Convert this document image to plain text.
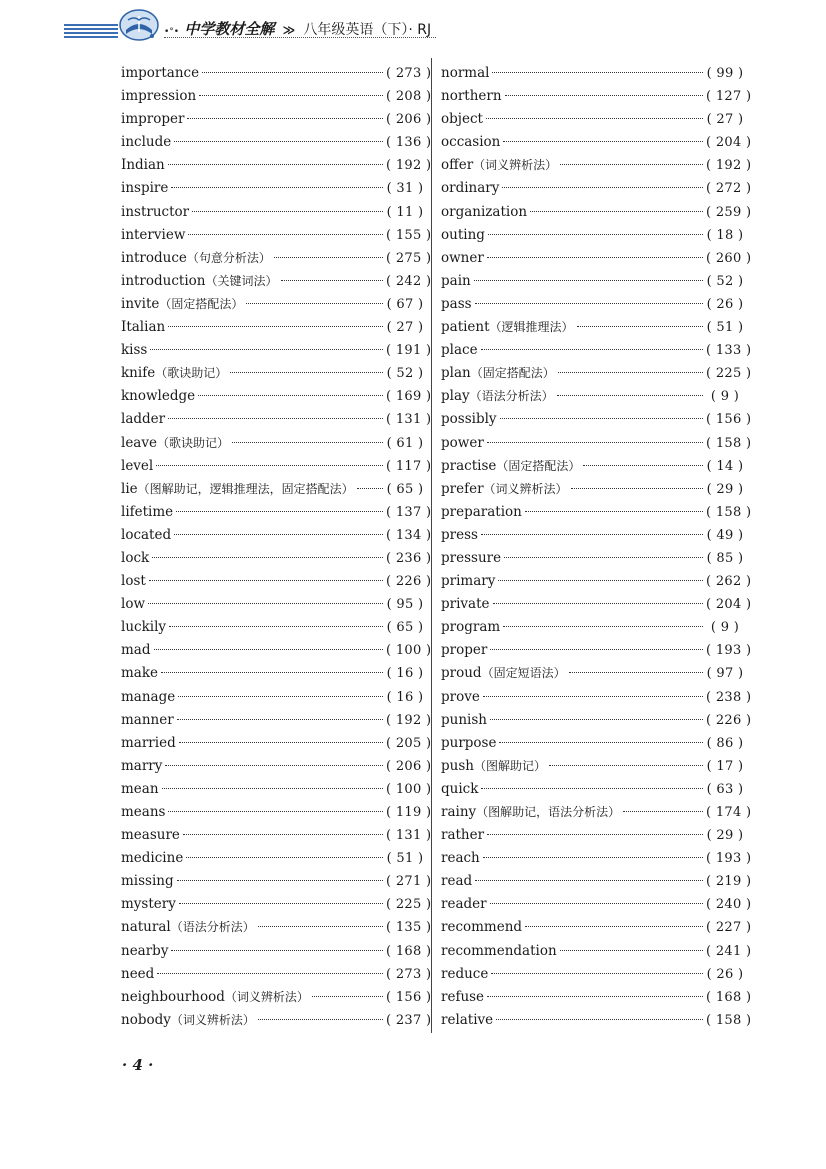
•°• 中学教材全解 ≫ 八年级英语（下）· RJ
importance	( 273 )
impression	( 208 )
improper	( 206 )
include	( 136 )
Indian	( 192 )
inspire	( 31 )
instructor	( 11 )
interview	( 155 )
introduce （句意分析法）	( 275 )
introduction （关键词法）	( 242 )
invite （固定搭配法）	( 67 )
Italian	( 27 )
kiss	( 191 )
knife （歌诀助记）	( 52 )
knowledge	( 169 )
ladder	( 131 )
leave （歌诀助记）	( 61 )
level	( 117 )
lie （图解助记，逻辑推理法，固定搭配法）	( 65 )
lifetime	( 137 )
located	( 134 )
lock	( 236 )
lost	( 226 )
low	( 95 )
luckily	( 65 )
mad	( 100 )
make	( 16 )
manage	( 16 )
manner	( 192 )
married	( 205 )
marry	( 206 )
mean	( 100 )
means	( 119 )
measure	( 131 )
medicine	( 51 )
missing	( 271 )
mystery	( 225 )
natural （语法分析法）	( 135 )
nearby	( 168 )
need	( 273 )
neighbourhood （词义辨析法）	( 156 )
nobody （词义辨析法）	( 237 )
normal	( 99 )
northern	( 127 )
object	( 27 )
occasion	( 204 )
offer （词义辨析法）	( 192 )
ordinary	( 272 )
organization	( 259 )
outing	( 18 )
owner	( 260 )
pain	( 52 )
pass	( 26 )
patient （逻辑推理法）	( 51 )
place	( 133 )
plan （固定搭配法）	( 225 )
play （语法分析法）	( 9 )
possibly	( 156 )
power	( 158 )
practise （固定搭配法）	( 14 )
prefer （词义辨析法）	( 29 )
preparation	( 158 )
press	( 49 )
pressure	( 85 )
primary	( 262 )
private	( 204 )
program	( 9 )
proper	( 193 )
proud （固定短语法）	( 97 )
prove	( 238 )
punish	( 226 )
purpose	( 86 )
push （图解助记）	( 17 )
quick	( 63 )
rainy （图解助记，语法分析法）	( 174 )
rather	( 29 )
reach	( 193 )
read	( 219 )
reader	( 240 )
recommend	( 227 )
recommendation	( 241 )
reduce	( 26 )
refuse	( 168 )
relative	( 158 )
· 4 ·
